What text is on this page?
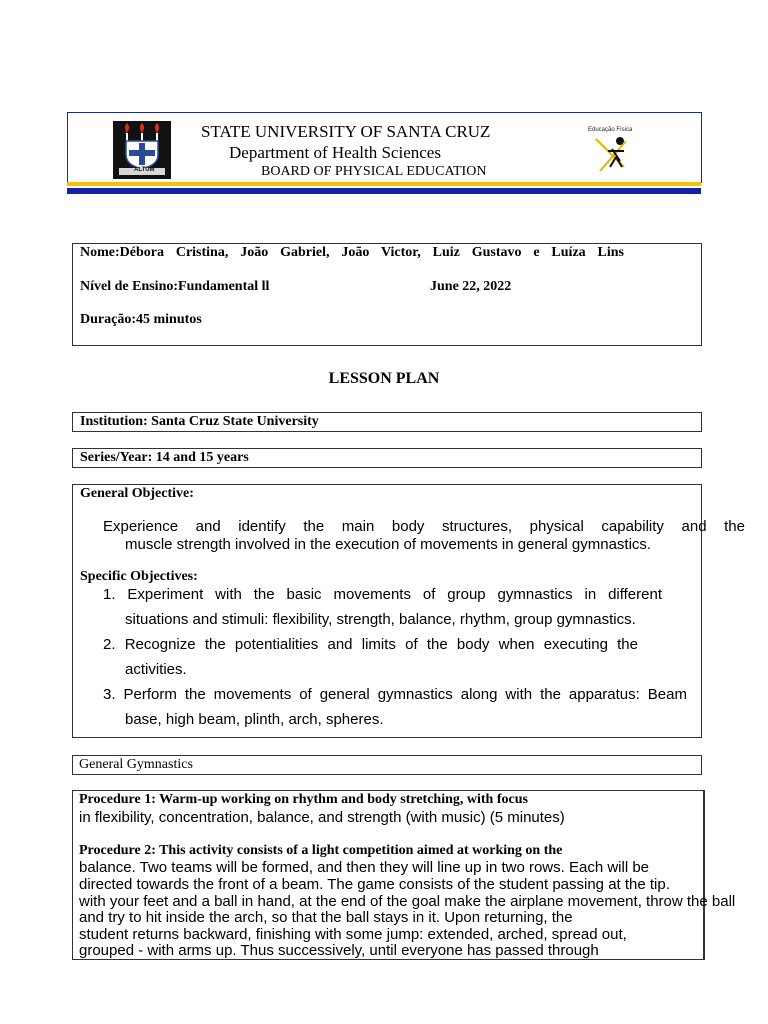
ALTUM
STATE UNIVERSITY OF SANTA CRUZ
Department of Health Sciences
BOARD OF PHYSICAL EDUCATION
Educação Física
Nome:Débora Cristina, João Gabriel, João Victor, Luiz Gustavo e Luíza Lins
Nível de Ensino:Fundamental ll	June 22, 2022
Duração:45 minutos
LESSON PLAN
Institution: Santa Cruz State University
Series/Year: 14 and 15 years
General Objective:
Experience and identify the main body structures, physical capability and the
muscle strength involved in the execution of movements in general gymnastics.
Specific Objectives:
1. Experiment with the basic movements of group gymnastics in different
situations and stimuli: flexibility, strength, balance, rhythm, group gymnastics.
2. Recognize the potentialities and limits of the body when executing the
activities.
3. Perform the movements of general gymnastics along with the apparatus: Beam
base, high beam, plinth, arch, spheres.
General Gymnastics
Procedure 1: Warm-up working on rhythm and body stretching, with focus
in flexibility, concentration, balance, and strength (with music) (5 minutes)
Procedure 2: This activity consists of a light competition aimed at working on the
balance. Two teams will be formed, and then they will line up in two rows. Each will be
directed towards the front of a beam. The game consists of the student passing at the tip.
with your feet and a ball in hand, at the end of the goal make the airplane movement, throw the ball
and try to hit inside the arch, so that the ball stays in it. Upon returning, the
student returns backward, finishing with some jump: extended, arched, spread out,
grouped - with arms up. Thus successively, until everyone has passed through
